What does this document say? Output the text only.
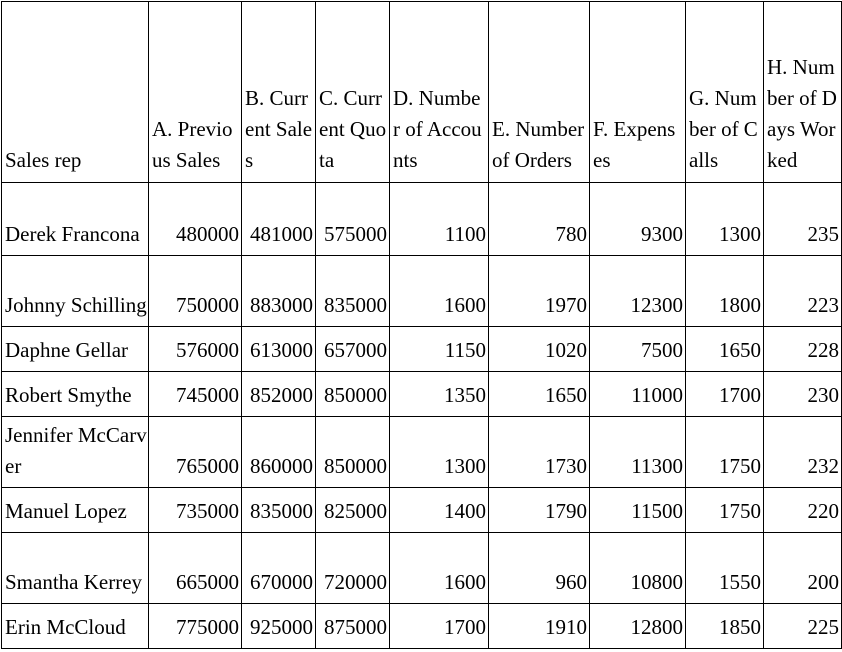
Sales rep	A. Previous Sales	B. Current Sales	C. Current Quota	D. Number of Accounts	E. Number of Orders	F. Expenses	G. Number of Calls	H. Number of Days Worked
Derek Francona	480000	481000	575000	1100	780	9300	1300	235
Johnny Schilling	750000	883000	835000	1600	1970	12300	1800	223
Daphne Gellar	576000	613000	657000	1150	1020	7500	1650	228
Robert Smythe	745000	852000	850000	1350	1650	11000	1700	230
Jennifer McCarver	765000	860000	850000	1300	1730	11300	1750	232
Manuel Lopez	735000	835000	825000	1400	1790	11500	1750	220
Smantha Kerrey	665000	670000	720000	1600	960	10800	1550	200
Erin McCloud	775000	925000	875000	1700	1910	12800	1850	225
